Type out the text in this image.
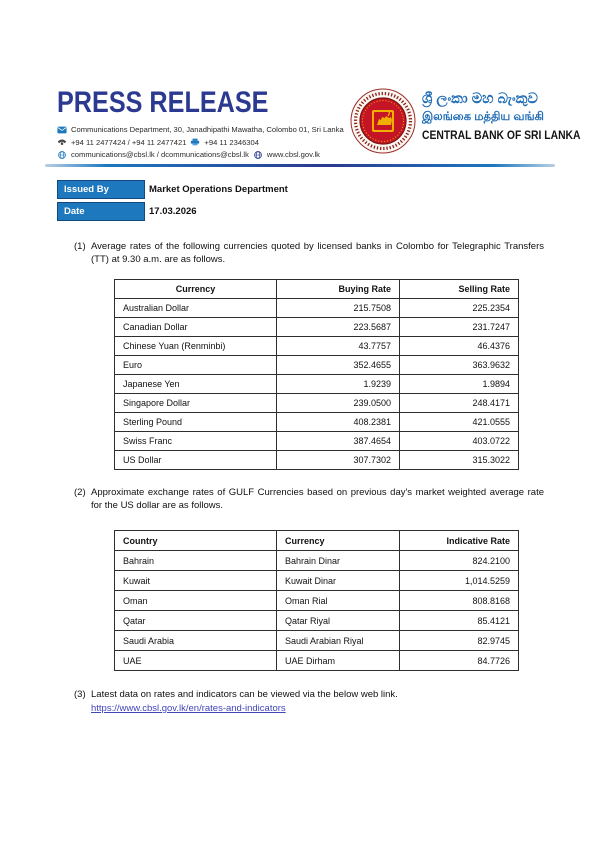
PRESS RELEASE
Communications Department, 30, Janadhipathi Mawatha, Colombo 01, Sri Lanka
+94 11 2477424 / +94 11 2477421 +94 11 2346304
communications@cbsl.lk / dcommunications@cbsl.lk www.cbsl.gov.lk
ශ්‍රී ලංකා මහ බැංකුව
இலங்கை மத்திய வங்கி
CENTRAL BANK OF SRI LANKA
Issued By	Market Operations Department
Date	17.03.2026
(1) Average rates of the following currencies quoted by licensed banks in Colombo for Telegraphic Transfers (TT) at 9.30 a.m. are as follows.
Currency	Buying Rate	Selling Rate
Australian Dollar	215.7508	225.2354
Canadian Dollar	223.5687	231.7247
Chinese Yuan (Renminbi)	43.7757	46.4376
Euro	352.4655	363.9632
Japanese Yen	1.9239	1.9894
Singapore Dollar	239.0500	248.4171
Sterling Pound	408.2381	421.0555
Swiss Franc	387.4654	403.0722
US Dollar	307.7302	315.3022
(2) Approximate exchange rates of GULF Currencies based on previous day's market weighted average rate for the US dollar are as follows.
Country	Currency	Indicative Rate
Bahrain	Bahrain Dinar	824.2100
Kuwait	Kuwait Dinar	1,014.5259
Oman	Oman Rial	808.8168
Qatar	Qatar Riyal	85.4121
Saudi Arabia	Saudi Arabian Riyal	82.9745
UAE	UAE Dirham	84.7726
(3) Latest data on rates and indicators can be viewed via the below web link.
https://www.cbsl.gov.lk/en/rates-and-indicators
